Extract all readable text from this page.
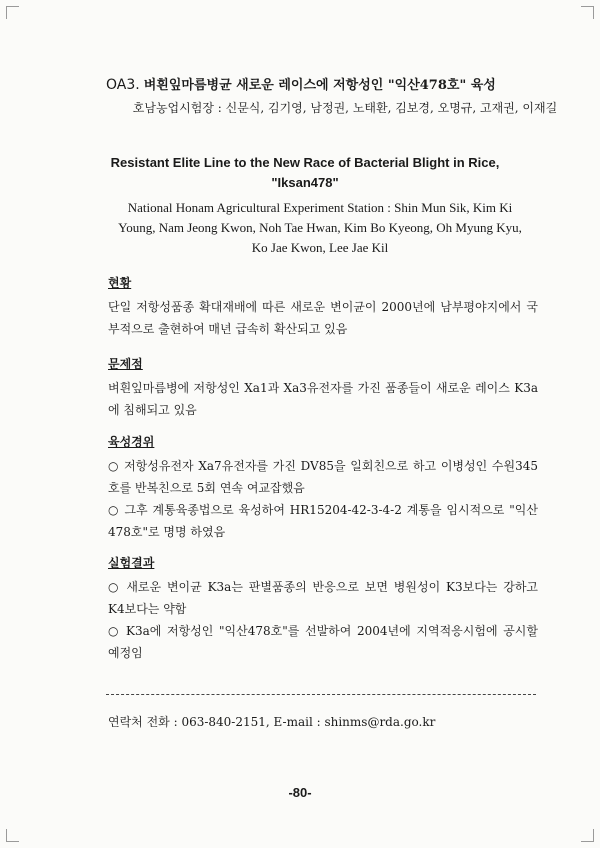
OA3. 벼흰잎마름병균 새로운 레이스에 저항성인 "익산478호" 육성
호남농업시험장 : 신문식, 김기영, 남정권, 노태환, 김보경, 오명규, 고재권, 이재길
Resistant Elite Line to the New Race of Bacterial Blight in Rice, "Iksan478"
National Honam Agricultural Experiment Station : Shin Mun Sik, Kim Ki Young, Nam Jeong Kwon, Noh Tae Hwan, Kim Bo Kyeong, Oh Myung Kyu, Ko Jae Kwon, Lee Jae Kil
현황

단일 저항성품종 확대재배에 따른 새로운 변이균이 2000년에 남부평야지에서 국부적으로 출현하여 매년 급속히 확산되고 있음

문제점

벼흰잎마름병에 저항성인 Xa1과 Xa3유전자를 가진 품종들이 새로운 레이스 K3a에 침해되고 있음

육성경위

○ 저항성유전자 Xa7유전자를 가진 DV85을 일회친으로 하고 이병성인 수원345호를 반복친으로 5회 연속 여교잡했음

○ 그후 계통육종법으로 육성하여 HR15204-42-3-4-2 계통을 임시적으로 "익산478호"로 명명 하였음

실험결과

○ 새로운 변이균 K3a는 판별품종의 반응으로 보면 병원성이 K3보다는 강하고 K4보다는 약함

○ K3a에 저항성인 "익산478호"를 선발하여 2004년에 지역적응시험에 공시할 예정임

연락처 전화 : 063-840-2151, E-mail : shinms@rda.go.kr
-80-
